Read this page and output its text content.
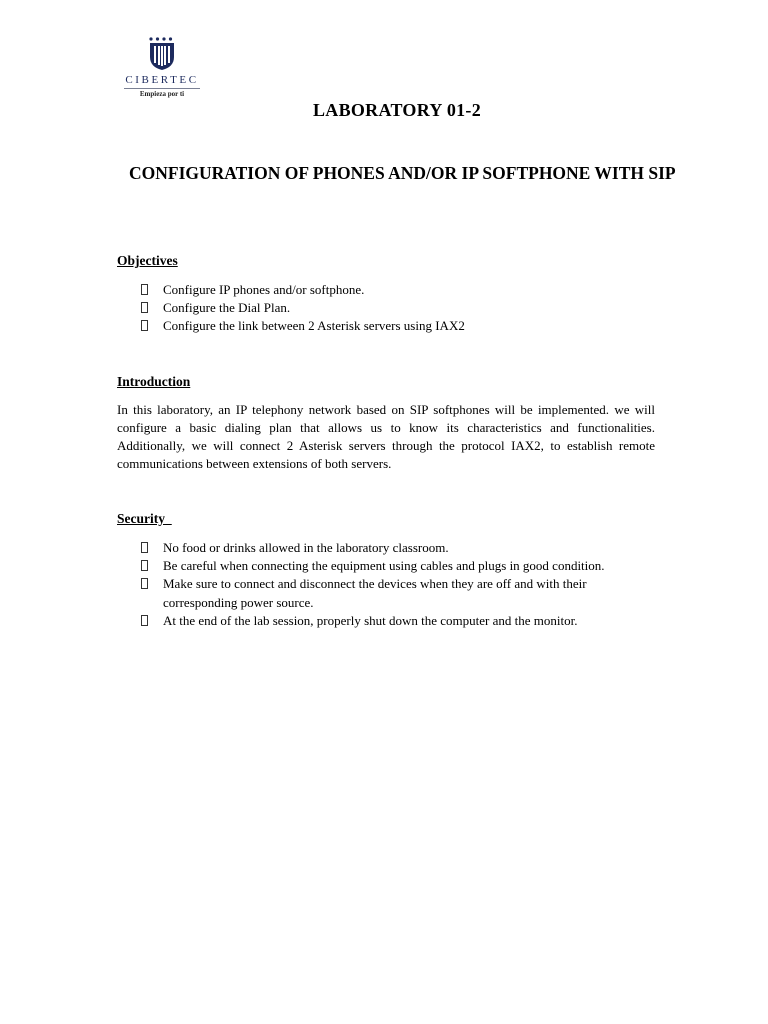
CIBERTEC
Empieza por ti
LABORATORY 01-2
CONFIGURATION OF PHONES AND/OR IP SOFTPHONE WITH SIP
Objectives
Configure IP phones and/or softphone.
Configure the Dial Plan.
Configure the link between 2 Asterisk servers using IAX2
Introduction

In this laboratory, an IP telephony network based on SIP softphones will be implemented. we will configure a basic dialing plan that allows us to know its characteristics and functionalities. Additionally, we will connect 2 Asterisk servers through the protocol IAX2, to establish remote communications between extensions of both servers.

Security
No food or drinks allowed in the laboratory classroom.
Be careful when connecting the equipment using cables and plugs in good condition.
Make sure to connect and disconnect the devices when they are off and with their corresponding power source.
At the end of the lab session, properly shut down the computer and the monitor.
